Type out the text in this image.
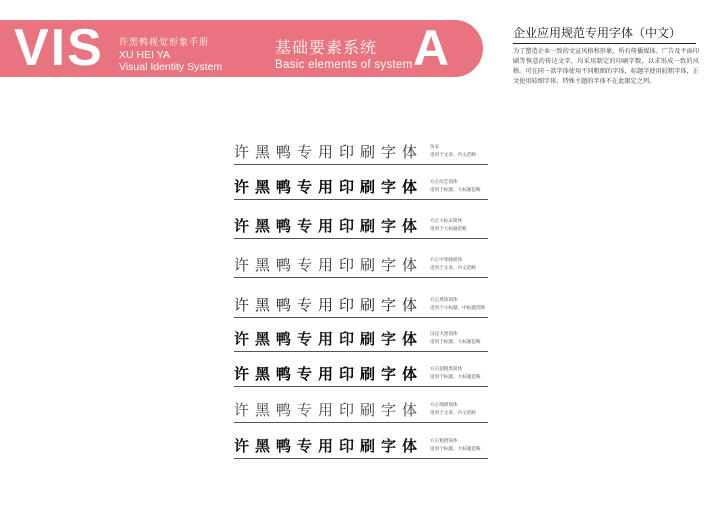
VIS 许黑鸭视觉形象手册
XU HEI YA
Visual Identity System
基础要素系统
Basic elements of system A	企业应用规范专用字体（中文）
为了塑造企业一致的文宣风格和形象，所有传播媒体、广告及平面印刷等恢意的传达文字，均采用制定的印刷字数，以求形成一致的风格。可在同一款字体使用不同粗细的字体，标题字使用较粗字体，正文使用较细字体，特殊主题的字体不在此限定之列。
许黑鸭专用印刷字体 仿宋
适用于文章、内文范畴
许黑鸭专用印刷字体 方正综艺简体
适用于标题、大标题范畴
许黑鸭专用印刷字体 方正大标宋简体
适用于大标题范畴
许黑鸭专用印刷字体 方正中等线简体
适用于文章、内文范畴
许黑鸭专用印刷字体 方正黑体简体
适用于小标题、中标题范畴
许黑鸭专用印刷字体 汉仪大黑简体
适用于标题、大标题范畴
许黑鸭专用印刷字体 方正超粗黑简体
适用于标题、大标题范畴
许黑鸭专用印刷字体 方正细倩简体
适用于文章、内文范畴
许黑鸭专用印刷字体 方正粗倩简体
适用于标题、大标题范畴
